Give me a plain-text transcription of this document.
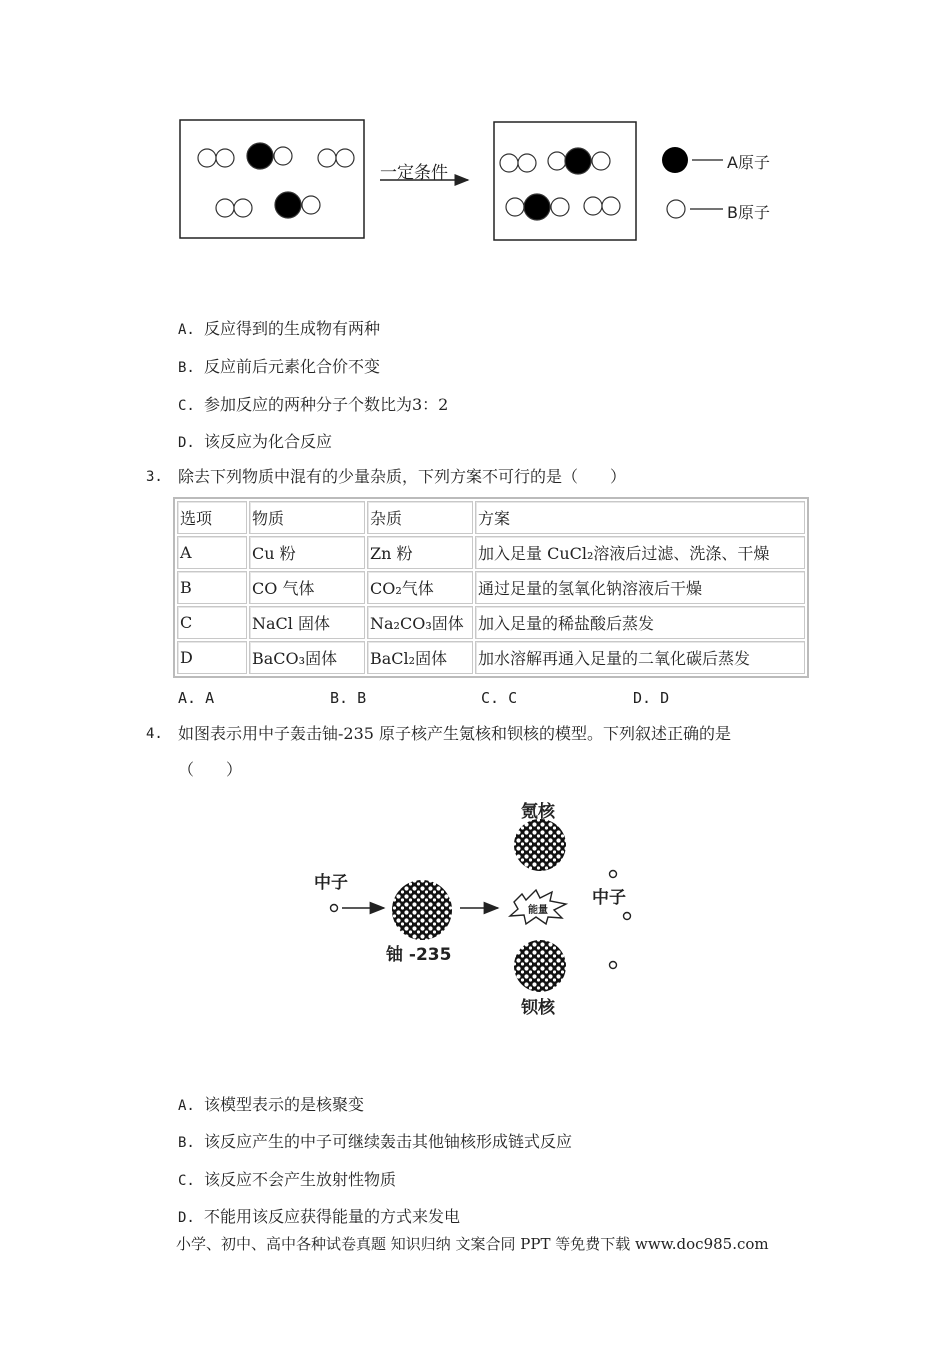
一定条件
A原子
B原子
A. 反应得到的生成物有两种
B. 反应前后元素化合价不变
C. 参加反应的两种分子个数比为3：2
D. 该反应为化合反应
3. 除去下列物质中混有的少量杂质，下列方案不可行的是（　　）
选项	物质	杂质	方案
A	Cu 粉	Zn 粉	加入足量 CuCl₂溶液后过滤、洗涤、干燥
B	CO 气体	CO₂气体	通过足量的氢氧化钠溶液后干燥
C	NaCl 固体	Na₂CO₃固体	加入足量的稀盐酸后蒸发
D	BaCO₃固体	BaCl₂固体	加水溶解再通入足量的二氧化碳后蒸发
A. A	B. B	C. C	D. D
4. 如图表示用中子轰击铀-235 原子核产生氪核和钡核的模型。下列叙述正确的是
（　　）
中子
铀 -235
氪核
能量
中子
钡核
A. 该模型表示的是核聚变
B. 该反应产生的中子可继续轰击其他铀核形成链式反应
C. 该反应不会产生放射性物质
D. 不能用该反应获得能量的方式来发电
小学、初中、高中各种试卷真题 知识归纳 文案合同 PPT 等免费下载 www.doc985.com
